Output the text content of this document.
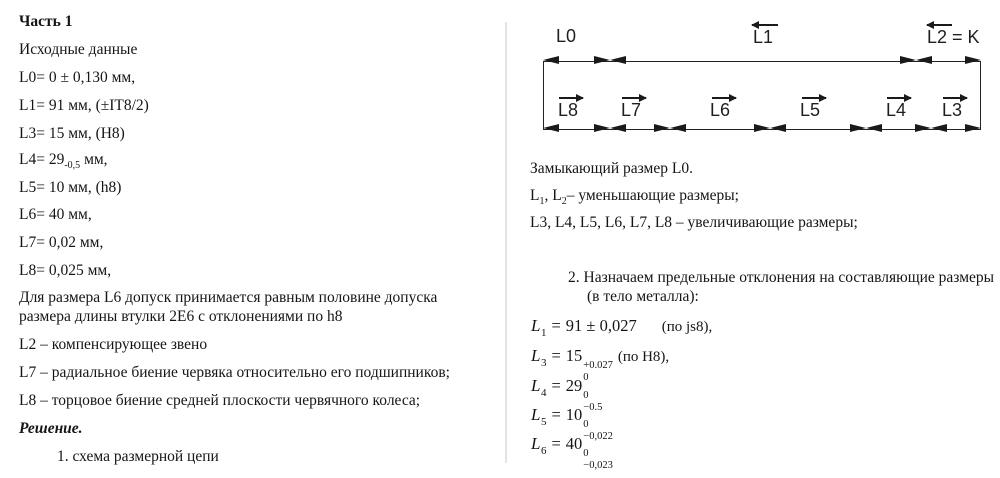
Часть 1
Исходные данные
L0= 0 ± 0,130 мм,
L1= 91 мм, (±IT8/2)
L3= 15 мм, (H8)
$L4= 29_{-0,5}$ мм,
L5= 10 мм, (h8)
L6= 40 мм,
L7= 0,02 мм,
L8= 0,025 мм,
Для размера L6 допуск принимается равным половине допуска размера длины втулки 2Е6 с отклонениями по h8
L2 – компенсирующее звено
L7 – радиальное биение червяка относительно его подшипников;
L8 – торцовое биение средней плоскости червячного колеса;
Решение.
1. схема размерной цепи
L0	L1	L2 = K
L8 L7	L6	L5	L4 L3
Замыкающий размер L0.
$L_1$, $L_2-$ уменьшающие размеры;
L3, L4, L5, L6, L7, L8 – увеличивающие размеры;
2. Назначаем предельные отклонения на составляющие размеры
(в тело металла):
$L_1 = 91 \pm 0,027$ (по js8),
$L_3 = 15$
+0.027
0
(по H8),
$L_4 = 29$
0
−0.5
$L_5 = 10$
0
−0,022
$L_6 = 40$
0
−0,023
